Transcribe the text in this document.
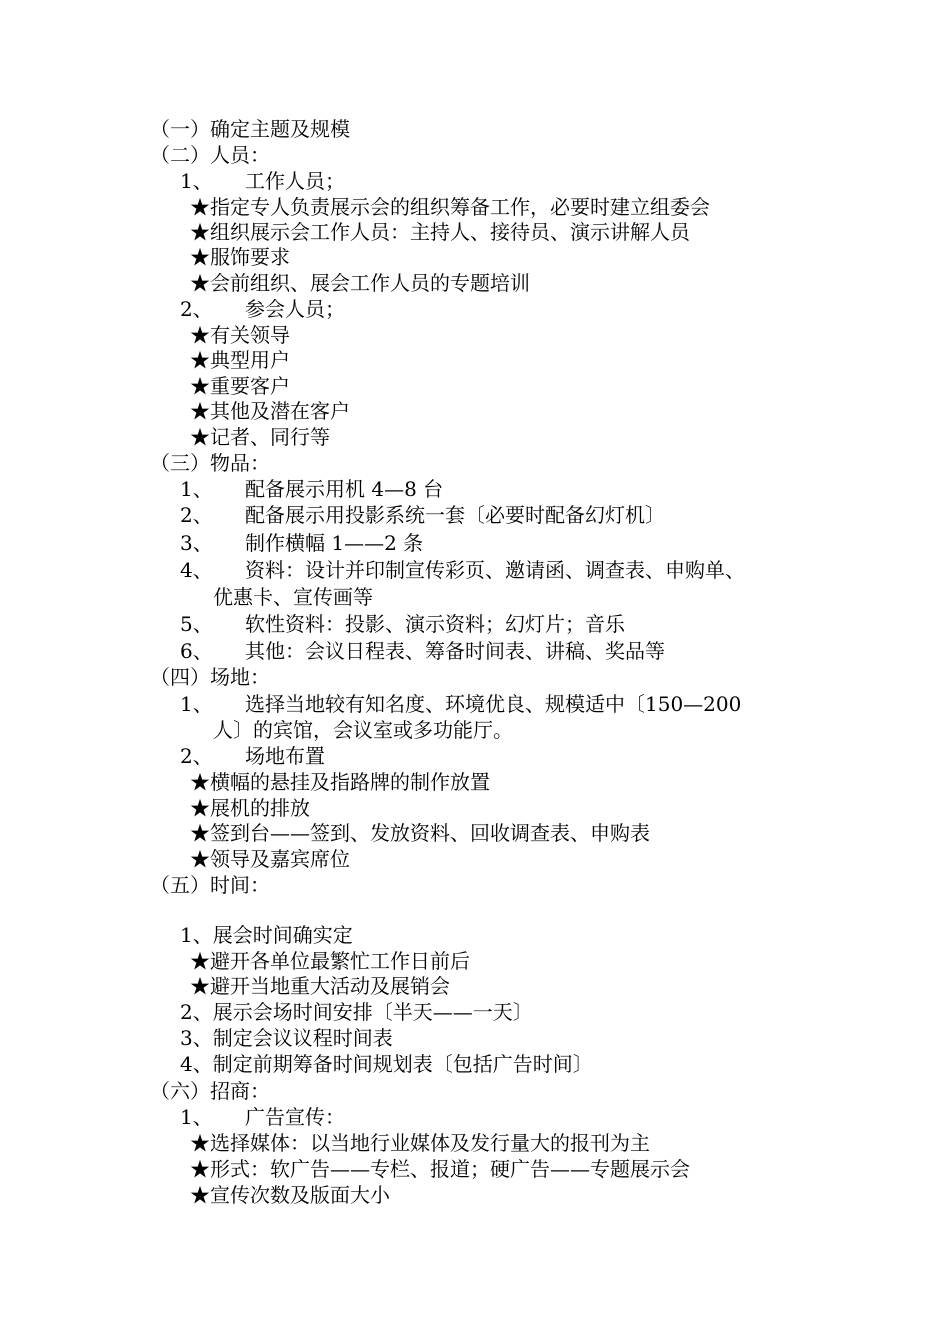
（一）确定主题及规模
（二）人员：
1、 工作人员；
★指定专人负责展示会的组织筹备工作，必要时建立组委会
★组织展示会工作人员：主持人、接待员、演示讲解人员
★服饰要求
★会前组织、展会工作人员的专题培训
2、 参会人员；
★有关领导
★典型用户
★重要客户
★其他及潜在客户
★记者、同行等
（三）物品：
1、 配备展示用机 4—8 台
2、 配备展示用投影系统一套〔必要时配备幻灯机〕
3、 制作横幅 1——2 条
4、 资料：设计并印制宣传彩页、邀请函、调查表、申购单、
优惠卡、宣传画等
5、 软性资料：投影、演示资料；幻灯片；音乐
6、 其他：会议日程表、筹备时间表、讲稿、奖品等
（四）场地：
1、 选择当地较有知名度、环境优良、规模适中〔150—200
人〕的宾馆，会议室或多功能厅。
2、 场地布置
★横幅的悬挂及指路牌的制作放置
★展机的排放
★签到台——签到、发放资料、回收调查表、申购表
★领导及嘉宾席位
（五）时间：
1、展会时间确实定
★避开各单位最繁忙工作日前后
★避开当地重大活动及展销会
2、展示会场时间安排〔半天——一天〕
3、制定会议议程时间表
4、制定前期筹备时间规划表〔包括广告时间〕
（六）招商：
1、 广告宣传：
★选择媒体：以当地行业媒体及发行量大的报刊为主
★形式：软广告——专栏、报道；硬广告——专题展示会
★宣传次数及版面大小
